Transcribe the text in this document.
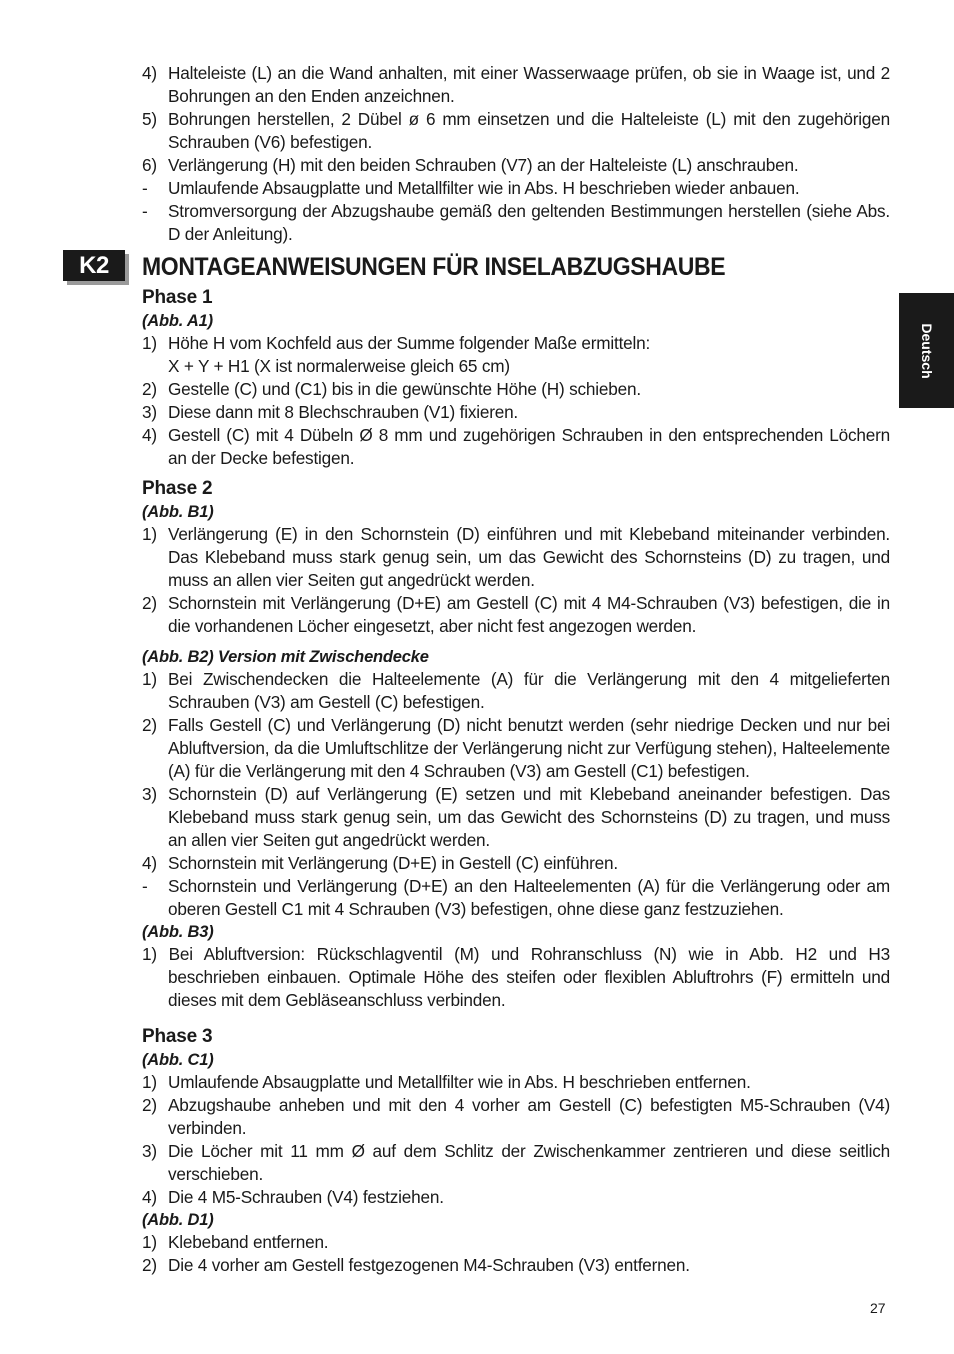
4) Halteleiste (L) an die Wand anhalten, mit einer Wasserwaage prüfen, ob sie in Waage ist, und 2 Bohrungen an den Enden anzeichnen.
5) Bohrungen herstellen, 2 Dübel ø 6 mm einsetzen und die Halteleiste (L) mit den zugehörigen Schrauben (V6) befestigen.
6) Verlängerung (H) mit den beiden Schrauben (V7) an der Halteleiste (L) anschrauben.
-	Umlaufende Absaugplatte und Metallfilter wie in Abs. H beschrieben wieder anbauen.
-	Stromversorgung der Abzugshaube gemäß den geltenden Bestimmungen herstellen (siehe Abs. D der Anleitung).
K2	MONTAGEANWEISUNGEN FÜR INSELABZUGSHAUBE
Deutsch
Phase 1
(Abb. A1)
1) Höhe H vom Kochfeld aus der Summe folgender Maße ermitteln:
X + Y + H1 (X ist normalerweise gleich 65 cm)
2) Gestelle (C) und (C1) bis in die gewünschte Höhe (H) schieben.
3) Diese dann mit 8 Blechschrauben (V1) fixieren.
4) Gestell (C) mit 4 Dübeln Ø 8 mm und zugehörigen Schrauben in den entsprechenden Löchern an der Decke befestigen.
Phase 2
(Abb. B1)
1) Verlängerung (E) in den Schornstein (D) einführen und mit Klebeband miteinander verbinden. Das Klebeband muss stark genug sein, um das Gewicht des Schornsteins (D) zu tragen, und muss an allen vier Seiten gut angedrückt werden.
2) Schornstein mit Verlängerung (D+E) am Gestell (C) mit 4 M4-Schrauben (V3) befestigen, die in die vorhandenen Löcher eingesetzt, aber nicht fest angezogen werden.
(Abb. B2) Version mit Zwischendecke
1) Bei Zwischendecken die Halteelemente (A) für die Verlängerung mit den 4 mitgelieferten Schrauben (V3) am Gestell (C) befestigen.
2) Falls Gestell (C) und Verlängerung (D) nicht benutzt werden (sehr niedrige Decken und nur bei Abluftversion, da die Umluftschlitze der Verlängerung nicht zur Verfügung stehen), Halteelemente (A) für die Verlängerung mit den 4 Schrauben (V3) am Gestell (C1) befestigen.
3) Schornstein (D) auf Verlängerung (E) setzen und mit Klebeband aneinander befestigen. Das Klebeband muss stark genug sein, um das Gewicht des Schornsteins (D) zu tragen, und muss an allen vier Seiten gut angedrückt werden.
4) Schornstein mit Verlängerung (D+E) in Gestell (C) einführen.
-	Schornstein und Verlängerung (D+E) an den Halteelementen (A) für die Verlängerung oder am oberen Gestell C1 mit 4 Schrauben (V3) befestigen, ohne diese ganz festzuziehen.
(Abb. B3)
1) Bei Abluftversion: Rückschlagventil (M) und Rohranschluss (N) wie in Abb. H2 und H3 beschrieben einbauen. Optimale Höhe des steifen oder flexiblen Abluftrohrs (F) ermitteln und dieses mit dem Gebläseanschluss verbinden.
Phase 3
(Abb. C1)
1) Umlaufende Absaugplatte und Metallfilter wie in Abs. H beschrieben entfernen.
2) Abzugshaube anheben und mit den 4 vorher am Gestell (C) befestigten M5-Schrauben (V4) verbinden.
3) Die Löcher mit 11 mm Ø auf dem Schlitz der Zwischenkammer zentrieren und diese seitlich verschieben.
4) Die 4 M5-Schrauben (V4) festziehen.
(Abb. D1)
1) Klebeband entfernen.
2) Die 4 vorher am Gestell festgezogenen M4-Schrauben (V3) entfernen.
27
